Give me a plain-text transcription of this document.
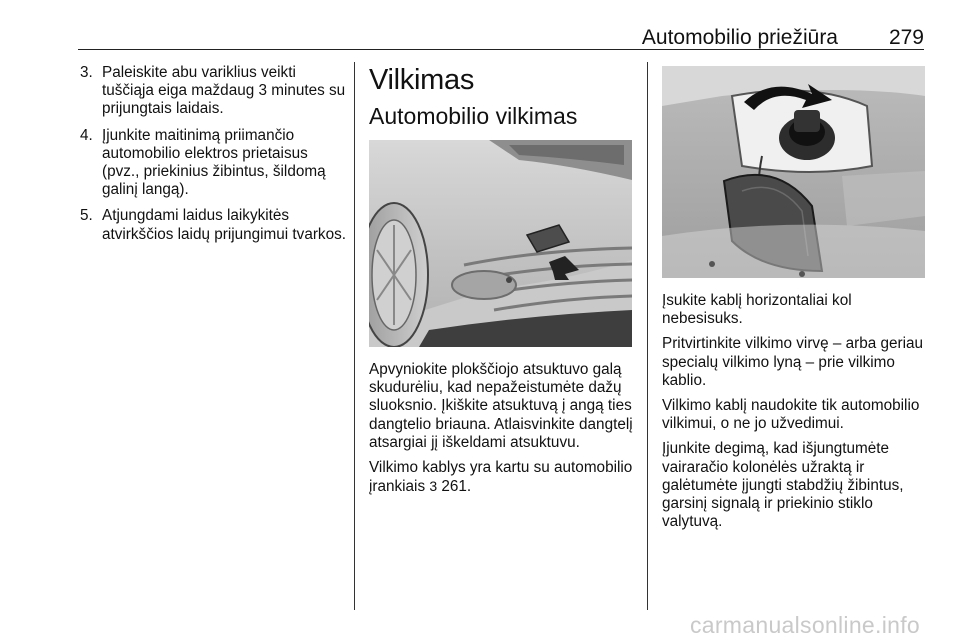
Automobilio priežiūra 279
3. Paleiskite abu variklius veikti tuščiąja eiga maždaug 3 minutes su prijungtais laidais.
4. Įjunkite maitinimą priimančio automobilio elektros prietaisus (pvz., priekinius žibintus, šildomą galinį langą).
5. Atjungdami laidus laikykitės atvirkščios laidų prijungimui tvarkos.
Vilkimas
Automobilio vilkimas

Apvyniokite plokščiojo atsuktuvo galą skudurėliu, kad nepažeistumėte dažų sluoksnio. Įkiškite atsuktuvą į angą ties dangtelio briauna. Atlaisvinkite dangtelį atsargiai jį iškeldami atsuktuvu.

Vilkimo kablys yra kartu su automobilio įrankiais 3 261.

Įsukite kablį horizontaliai kol nebesisuks.

Pritvirtinkite vilkimo virvę – arba geriau specialų vilkimo lyną – prie vilkimo kablio.

Vilkimo kablį naudokite tik automobilio vilkimui, o ne jo užvedimui.

Įjunkite degimą, kad išjungtumėte vairaračio kolonėlės užraktą ir galėtumėte įjungti stabdžių žibintus, garsinį signalą ir priekinio stiklo valytuvą.

carmanualsonline.info
